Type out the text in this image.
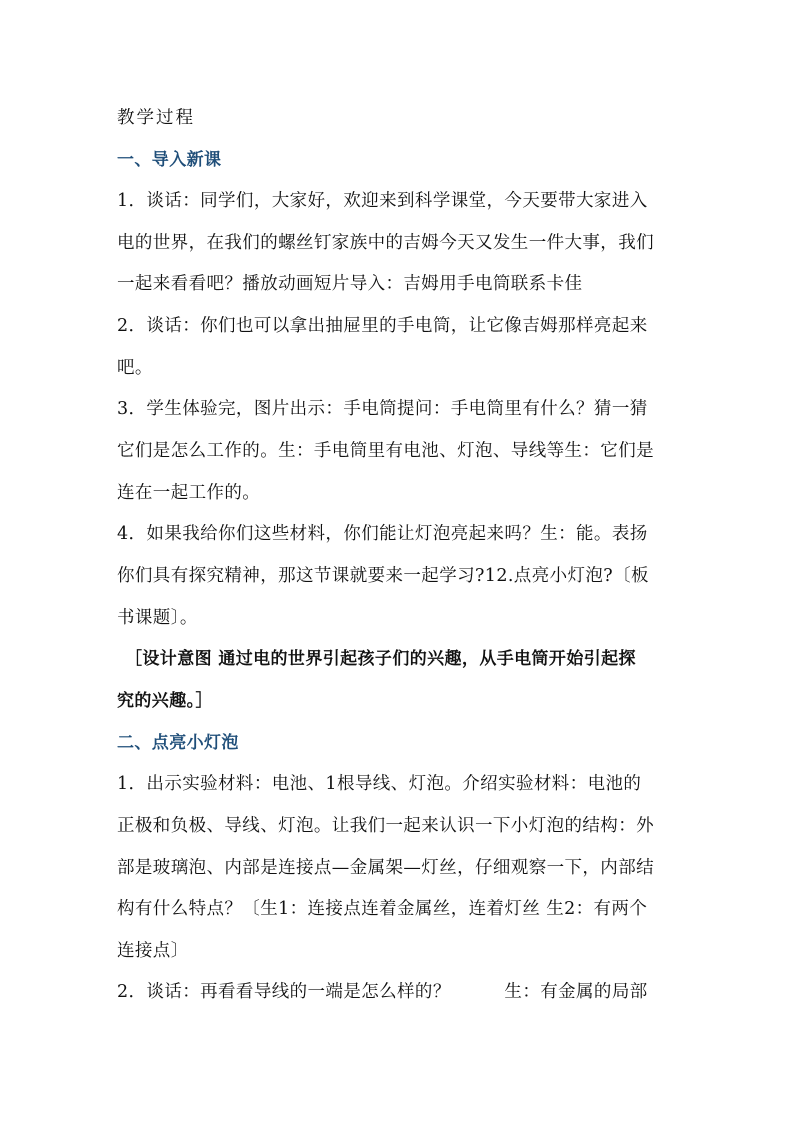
教学过程
一、导入新课
1．谈话：同学们，大家好，欢迎来到科学课堂，今天要带大家进入
电的世界，在我们的螺丝钉家族中的吉姆今天又发生一件大事，我们
一起来看看吧？播放动画短片导入：吉姆用手电筒联系卡佳
2．谈话：你们也可以拿出抽屉里的手电筒，让它像吉姆那样亮起来
吧。
3．学生体验完，图片出示：手电筒提问：手电筒里有什么？猜一猜
它们是怎么工作的。生：手电筒里有电池、灯泡、导线等生：它们是
连在一起工作的。
4．如果我给你们这些材料，你们能让灯泡亮起来吗？生：能。表扬
你们具有探究精神，那这节课就要来一起学习?12.点亮小灯泡?〔板
书课题〕。
［设计意图 通过电的世界引起孩子们的兴趣，从手电筒开始引起探
究的兴趣。］
二、点亮小灯泡
1．出示实验材料：电池、1根导线、灯泡。介绍实验材料：电池的
正极和负极、导线、灯泡。让我们一起来认识一下小灯泡的结构：外
部是玻璃泡、内部是连接点—金属架—灯丝，仔细观察一下，内部结
构有什么特点？〔生1：连接点连着金属丝，连着灯丝 生2：有两个
连接点〕
2．谈话：再看看导线的一端是怎么样的？　　　生：有金属的局部
